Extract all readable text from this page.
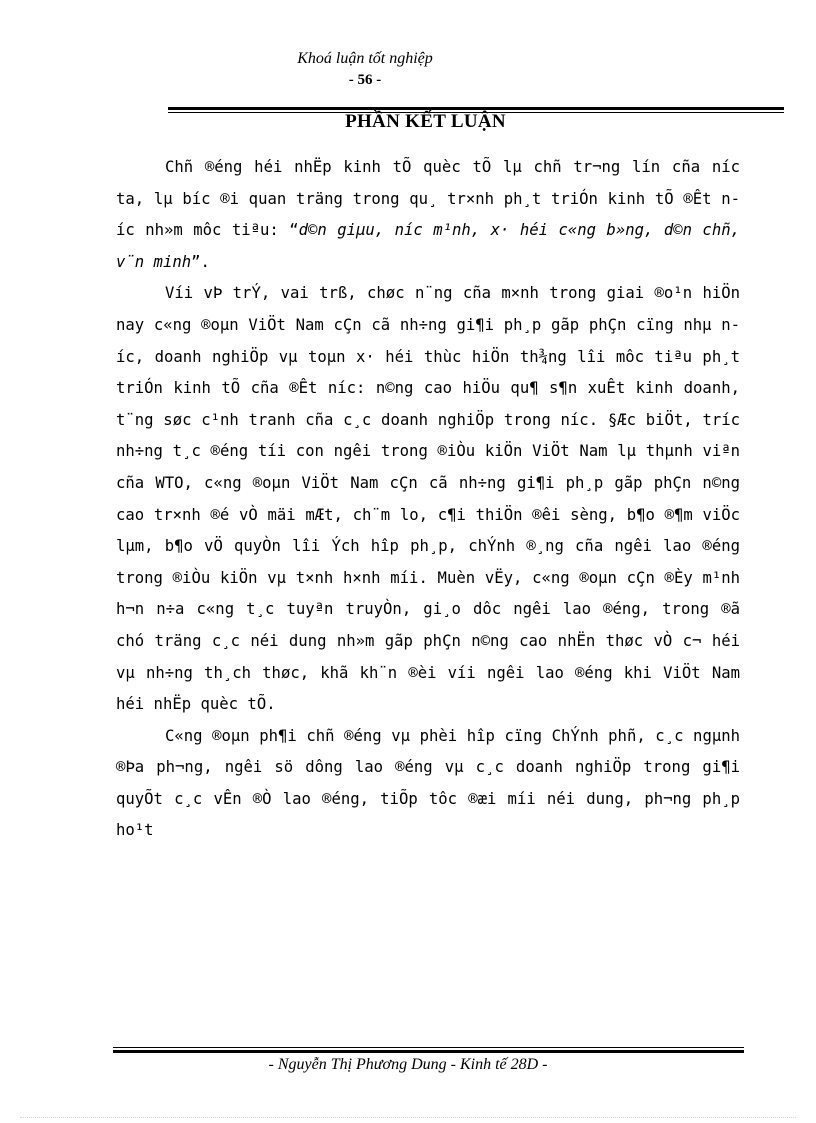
Khoá luận tốt nghiệp
- 56 -
PHẦN KẾT LUẬN

Chñ ®éng héi nhËp kinh tÕ quèc tÕ lµ chñ tr¬ng lín cña níc ta, lµ bíc ®i quan träng trong qu¸ tr×nh ph¸t triÓn kinh tÕ ®Êt níc nh»m môc tiªu: “d©n giµu, níc m¹nh, x· héi c«ng b»ng, d©n chñ, v¨n minh”.

Víi vÞ trÝ, vai trß, chøc n¨ng cña m×nh trong giai ®o¹n hiÖn nay c«ng ®oµn ViÖt Nam cÇn cã nh÷ng gi¶i ph¸p gãp phÇn cïng nhµ níc, doanh nghiÖp vµ toµn x· héi thùc hiÖn th¾ng lîi môc tiªu ph¸t triÓn kinh tÕ cña ®Êt níc: n©ng cao hiÖu qu¶ s¶n xuÊt kinh doanh, t¨ng søc c¹nh tranh cña c¸c doanh nghiÖp trong níc. §Æc biÖt, tríc nh÷ng t¸c ®éng tíi con ngêi trong ®iÒu kiÖn ViÖt Nam lµ thµnh viªn cña WTO, c«ng ®oµn ViÖt Nam cÇn cã nh÷ng gi¶i ph¸p gãp phÇn n©ng cao tr×nh ®é vÒ mäi mÆt, ch¨m lo, c¶i thiÖn ®êi sèng, b¶o ®¶m viÖc lµm, b¶o vÖ quyÒn lîi Ých hîp ph¸p, chÝnh ®¸ng cña ngêi lao ®éng trong ®iÒu kiÖn vµ t×nh h×nh míi. Muèn vËy, c«ng ®oµn cÇn ®Èy m¹nh h¬n n÷a c«ng t¸c tuyªn truyÒn, gi¸o dôc ngêi lao ®éng, trong ®ã chó träng c¸c néi dung nh»m gãp phÇn n©ng cao nhËn thøc vÒ c¬ héi vµ nh÷ng th¸ch thøc, khã kh¨n ®èi víi ngêi lao ®éng khi ViÖt Nam héi nhËp quèc tÕ.

C«ng ®oµn ph¶i chñ ®éng vµ phèi hîp cïng ChÝnh phñ, c¸c ngµnh ®Þa ph¬ng, ngêi sö dông lao ®éng vµ c¸c doanh nghiÖp trong gi¶i quyÕt c¸c vÊn ®Ò lao ®éng, tiÕp tôc ®æi míi néi dung, ph¬ng ph¸p ho¹t

- Nguyễn Thị Phương Dung - Kinh tế 28D -
